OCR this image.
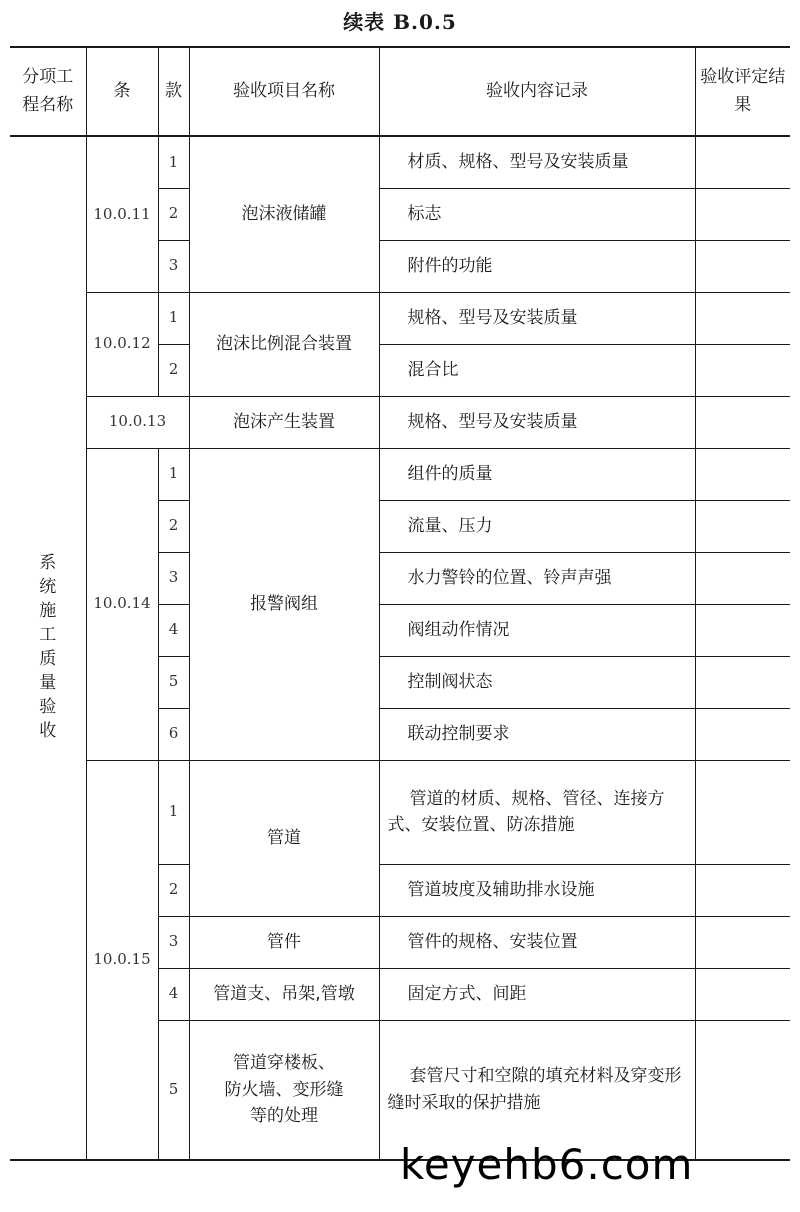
续表 B.0.5
分项工程名称	条	款	验收项目名称	验收内容记录	验收评定结果
系统施工质量验收	10.0.11	1	泡沫液储罐	材质、规格、型号及安装质量	
		2		标志	
		3		附件的功能	
	10.0.12	1	泡沫比例混合装置	规格、型号及安装质量	
		2		混合比	
	10.0.13		泡沫产生装置	规格、型号及安装质量	
	10.0.14	1	报警阀组	组件的质量	
		2		流量、压力	
		3		水力警铃的位置、铃声声强	
		4		阀组动作情况	
		5		控制阀状态	
		6		联动控制要求	
	10.0.15	1	管道	管道的材质、规格、管径、连接方式、安装位置、防冻措施	
		2		管道坡度及辅助排水设施	
		3	管件	管件的规格、安装位置	
		4	管道支、吊架,管墩	固定方式、间距	
		5	管道穿楼板、
防火墙、变形缝
等的处理	套管尺寸和空隙的填充材料及穿变形缝时采取的保护措施	
keyehb6.com
